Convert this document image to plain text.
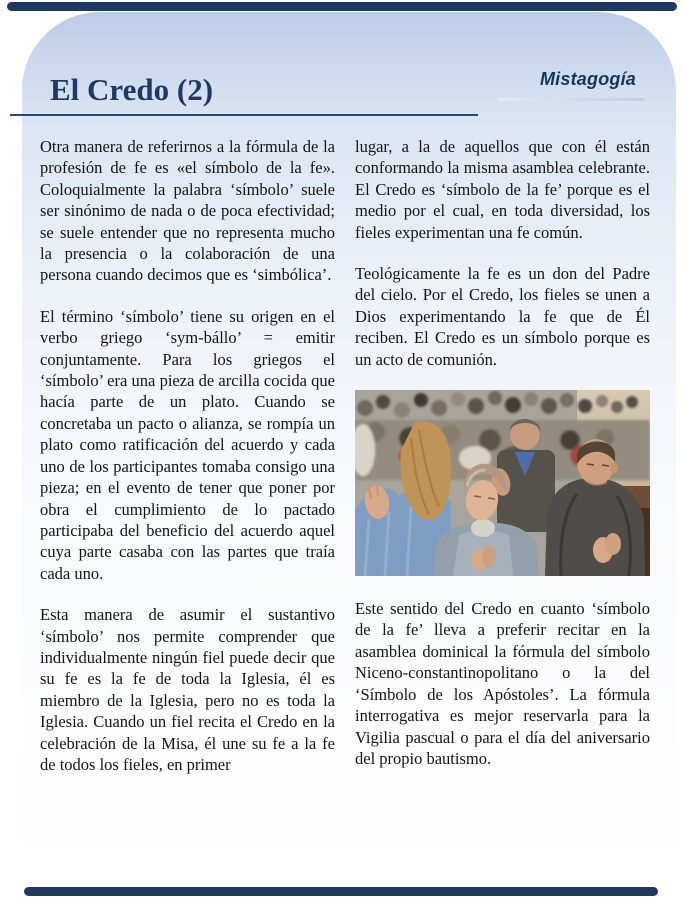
Mistagogía

El Credo (2)

Otra manera de referirnos a la fórmula de la profesión de fe es «el símbolo de la fe». Coloquialmente la palabra ‘símbolo’ suele ser sinónimo de nada o de poca efectividad; se suele entender que no representa mucho la presencia o la colaboración de una persona cuando decimos que es ‘simbólica’.

El término ‘símbolo’ tiene su origen en el verbo griego ‘sym-bállo’ = emitir conjuntamente. Para los griegos el ‘símbolo’ era una pieza de arcilla cocida que hacía parte de un plato. Cuando se concretaba un pacto o alianza, se rompía un plato como ratificación del acuerdo y cada uno de los participantes tomaba consigo una pieza; en el evento de tener que poner por obra el cumplimiento de lo pactado participaba del beneficio del acuerdo aquel cuya parte casaba con las partes que traía cada uno.

Esta manera de asumir el sustantivo ‘símbolo’ nos permite comprender que individualmente ningún fiel puede decir que su fe es la fe de toda la Iglesia, él es miembro de la Iglesia, pero no es toda la Iglesia. Cuando un fiel recita el Credo en la celebración de la Misa, él une su fe a la fe de todos los fieles, en primer

lugar, a la de aquellos que con él están conformando la misma asamblea celebrante. El Credo es ‘símbolo de la fe’ porque es el medio por el cual, en toda diversidad, los fieles experimentan una fe común.

Teológicamente la fe es un don del Padre del cielo. Por el Credo, los fieles se unen a Dios experimentando la fe que de Él reciben. El Credo es un símbolo porque es un acto de comunión.

Este sentido del Credo en cuanto ‘símbolo de la fe’ lleva a preferir recitar en la asamblea dominical la fórmula del símbolo Niceno-constantinopolitano o la del ‘Símbolo de los Apóstoles’. La fórmula interrogativa es mejor reservarla para la Vigilia pascual o para el día del aniversario del propio bautismo.
